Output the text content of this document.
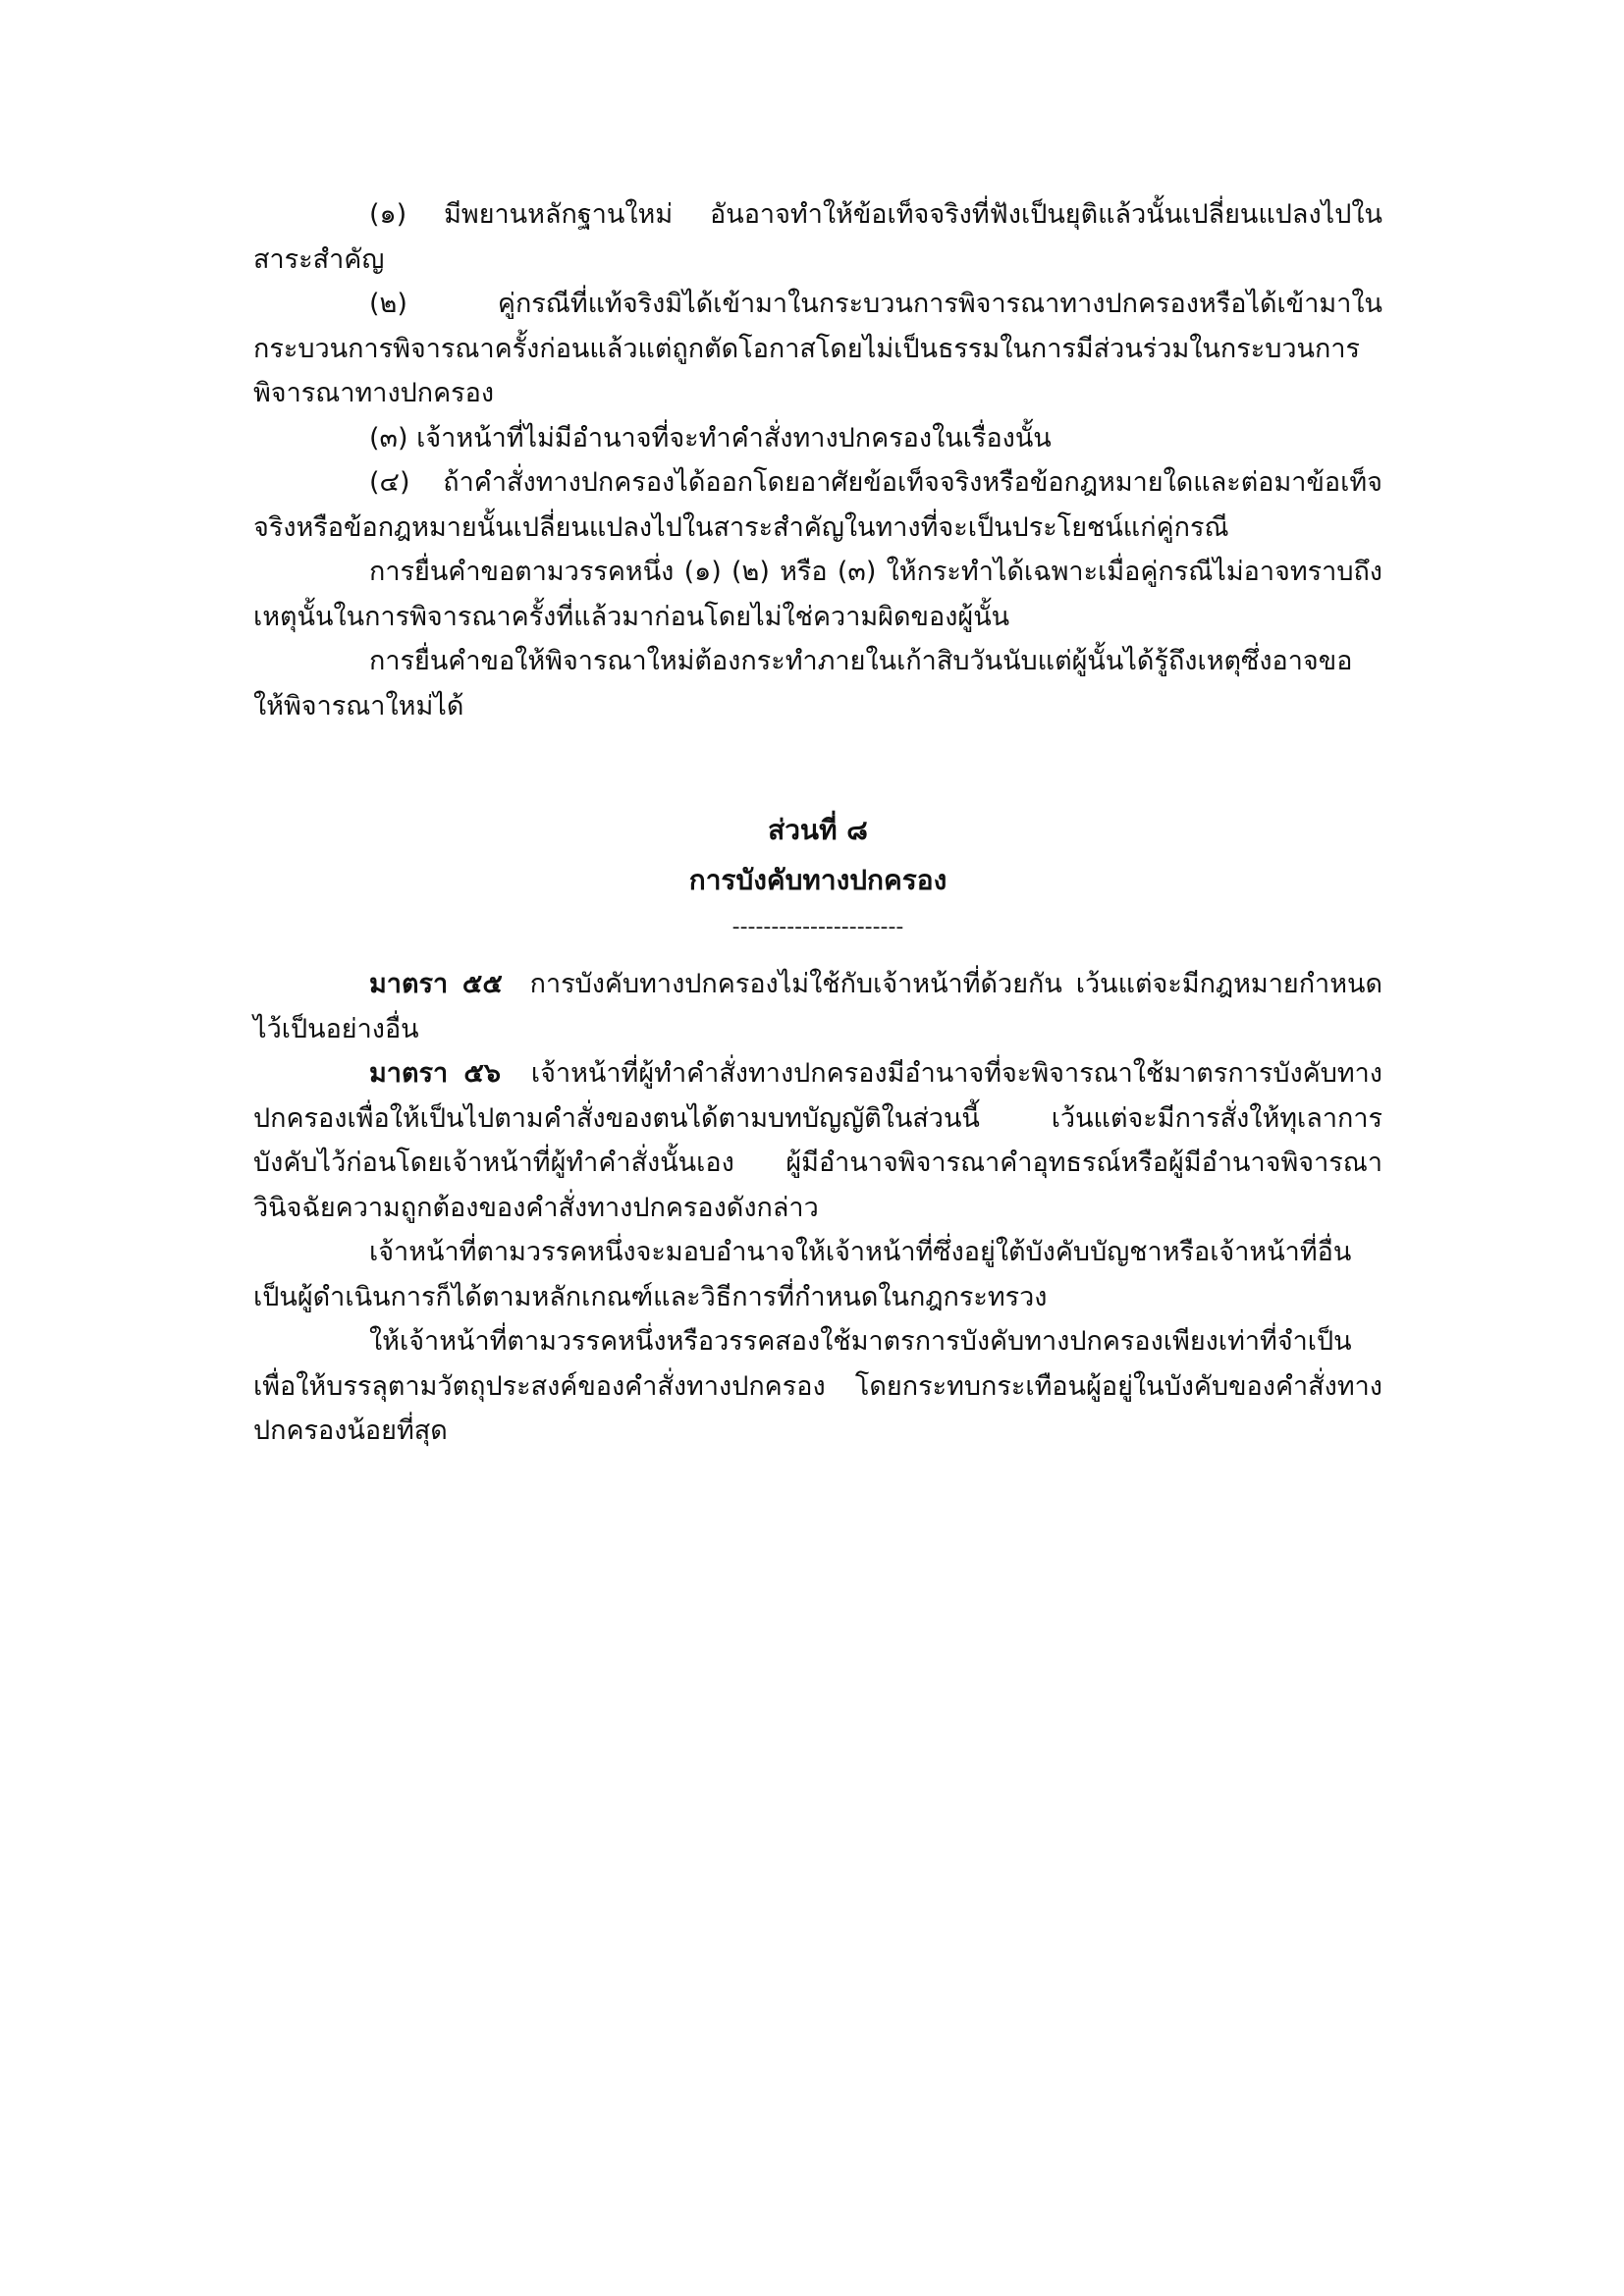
(๑) มีพยานหลักฐานใหม่ อันอาจทำให้ข้อเท็จจริงที่ฟังเป็นยุติแล้วนั้นเปลี่ยนแปลงไปในสาระสำคัญ

(๒) คู่กรณีที่แท้จริงมิได้เข้ามาในกระบวนการพิจารณาทางปกครองหรือได้เข้ามาในกระบวนการพิจารณาครั้งก่อนแล้วแต่ถูกตัดโอกาสโดยไม่เป็นธรรมในการมีส่วนร่วมในกระบวนการพิจารณาทางปกครอง

(๓) เจ้าหน้าที่ไม่มีอำนาจที่จะทำคำสั่งทางปกครองในเรื่องนั้น

(๔) ถ้าคำสั่งทางปกครองได้ออกโดยอาศัยข้อเท็จจริงหรือข้อกฎหมายใดและต่อมาข้อเท็จจริงหรือข้อกฎหมายนั้นเปลี่ยนแปลงไปในสาระสำคัญในทางที่จะเป็นประโยชน์แก่คู่กรณี

การยื่นคำขอตามวรรคหนึ่ง (๑) (๒) หรือ (๓) ให้กระทำได้เฉพาะเมื่อคู่กรณีไม่อาจทราบถึงเหตุนั้นในการพิจารณาครั้งที่แล้วมาก่อนโดยไม่ใช่ความผิดของผู้นั้น

การยื่นคำขอให้พิจารณาใหม่ต้องกระทำภายในเก้าสิบวันนับแต่ผู้นั้นได้รู้ถึงเหตุซึ่งอาจขอให้พิจารณาใหม่ได้

ส่วนที่ ๘

การบังคับทางปกครอง

----------------------

มาตรา ๕๕ การบังคับทางปกครองไม่ใช้กับเจ้าหน้าที่ด้วยกัน เว้นแต่จะมีกฎหมายกำหนดไว้เป็นอย่างอื่น

มาตรา ๕๖ เจ้าหน้าที่ผู้ทำคำสั่งทางปกครองมีอำนาจที่จะพิจารณาใช้มาตรการบังคับทางปกครองเพื่อให้เป็นไปตามคำสั่งของตนได้ตามบทบัญญัติในส่วนนี้ เว้นแต่จะมีการสั่งให้ทุเลาการบังคับไว้ก่อนโดยเจ้าหน้าที่ผู้ทำคำสั่งนั้นเอง ผู้มีอำนาจพิจารณาคำอุทธรณ์หรือผู้มีอำนาจพิจารณาวินิจฉัยความถูกต้องของคำสั่งทางปกครองดังกล่าว

เจ้าหน้าที่ตามวรรคหนึ่งจะมอบอำนาจให้เจ้าหน้าที่ซึ่งอยู่ใต้บังคับบัญชาหรือเจ้าหน้าที่อื่นเป็นผู้ดำเนินการก็ได้ตามหลักเกณฑ์และวิธีการที่กำหนดในกฎกระทรวง

ให้เจ้าหน้าที่ตามวรรคหนึ่งหรือวรรคสองใช้มาตรการบังคับทางปกครองเพียงเท่าที่จำเป็นเพื่อให้บรรลุตามวัตถุประสงค์ของคำสั่งทางปกครอง โดยกระทบกระเทือนผู้อยู่ในบังคับของคำสั่งทางปกครองน้อยที่สุด
